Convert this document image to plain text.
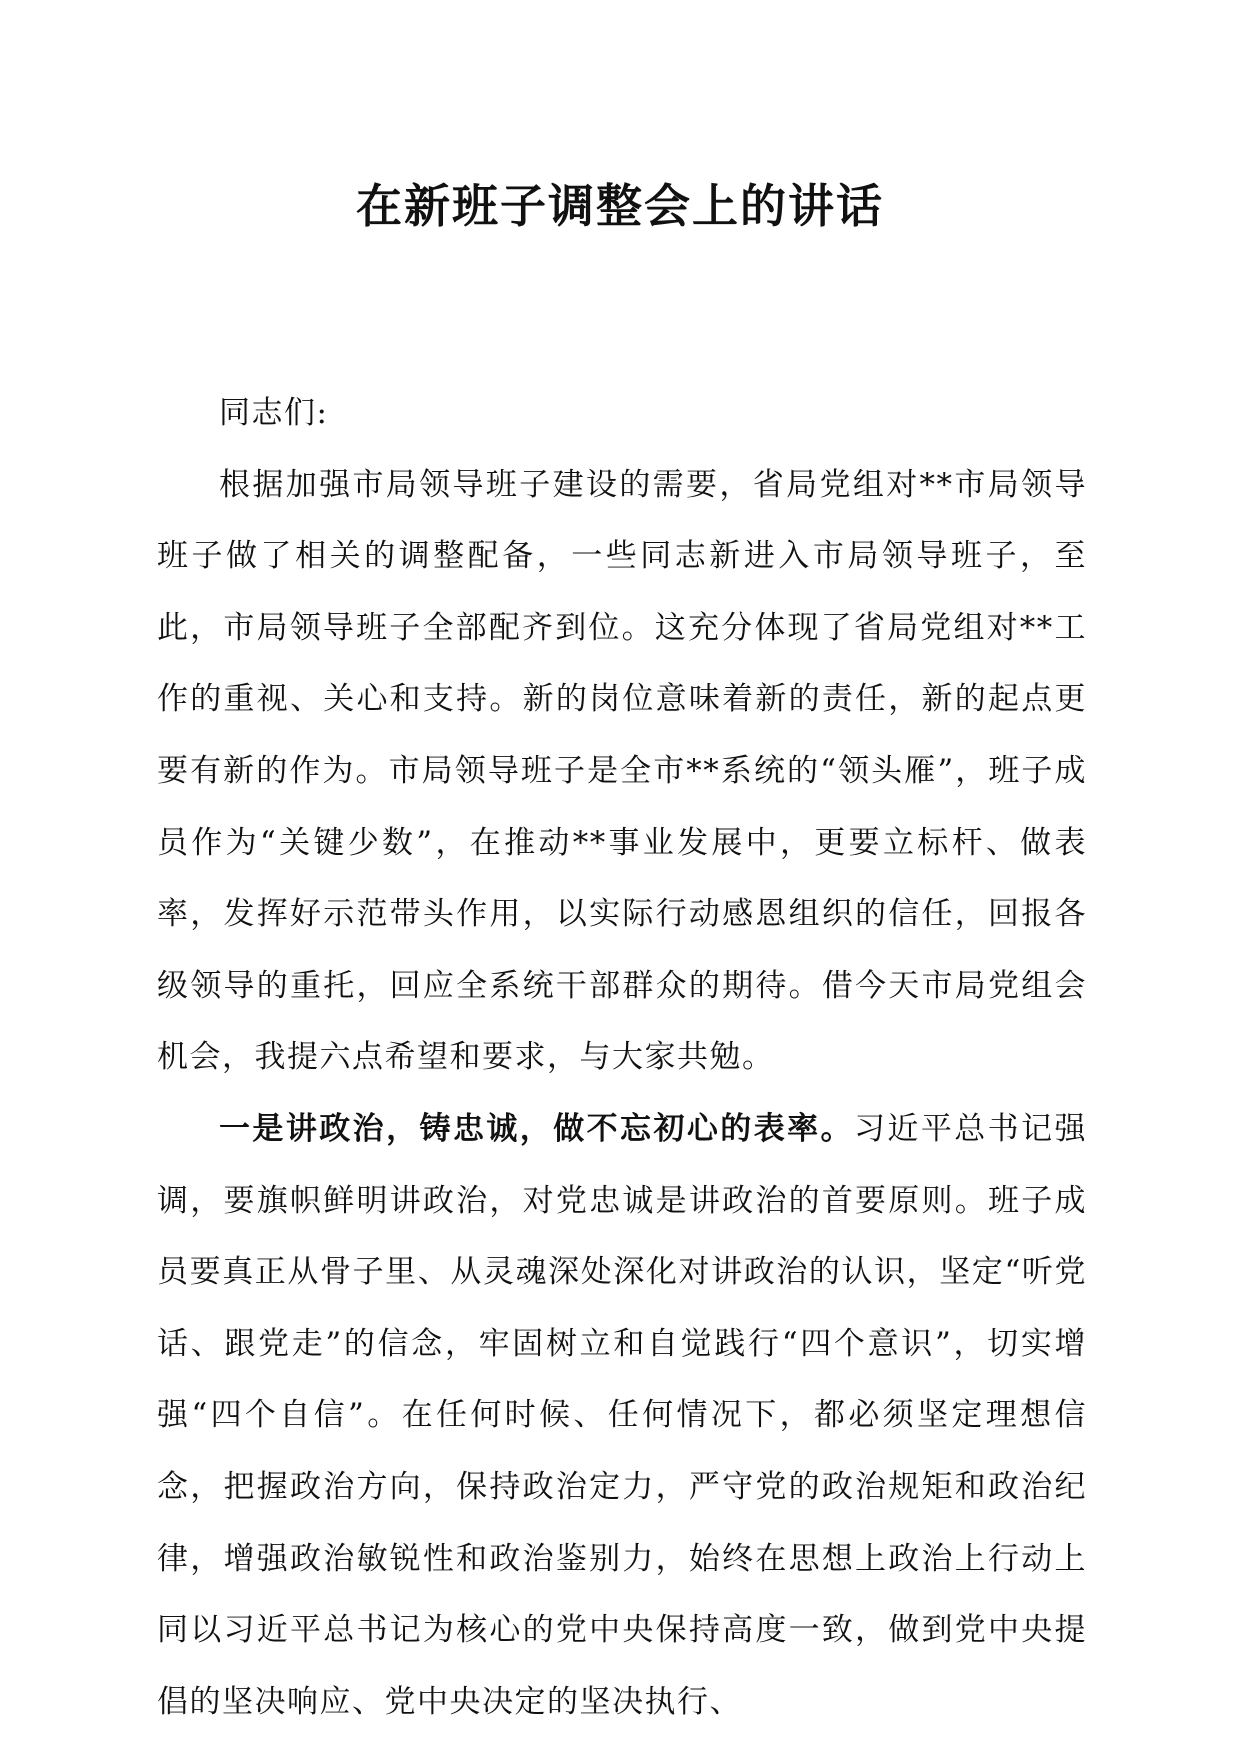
在新班子调整会上的讲话

同志们:

根据加强市局领导班子建设的需要，省局党组对**市局领导班子做了相关的调整配备，一些同志新进入市局领导班子，至此，市局领导班子全部配齐到位。这充分体现了省局党组对**工作的重视、关心和支持。新的岗位意味着新的责任，新的起点更要有新的作为。市局领导班子是全市**系统的“领头雁”，班子成员作为“关键少数”，在推动**事业发展中，更要立标杆、做表率，发挥好示范带头作用，以实际行动感恩组织的信任，回报各级领导的重托，回应全系统干部群众的期待。借今天市局党组会机会，我提六点希望和要求，与大家共勉。

一是讲政治，铸忠诚，做不忘初心的表率。习近平总书记强调，要旗帜鲜明讲政治，对党忠诚是讲政治的首要原则。班子成员要真正从骨子里、从灵魂深处深化对讲政治的认识，坚定“听党话、跟党走”的信念，牢固树立和自觉践行“四个意识”，切实增强“四个自信”。在任何时候、任何情况下，都必须坚定理想信念，把握政治方向，保持政治定力，严守党的政治规矩和政治纪律，增强政治敏锐性和政治鉴别力，始终在思想上政治上行动上同以习近平总书记为核心的党中央保持高度一致，做到党中央提倡的坚决响应、党中央决定的坚决执行、
